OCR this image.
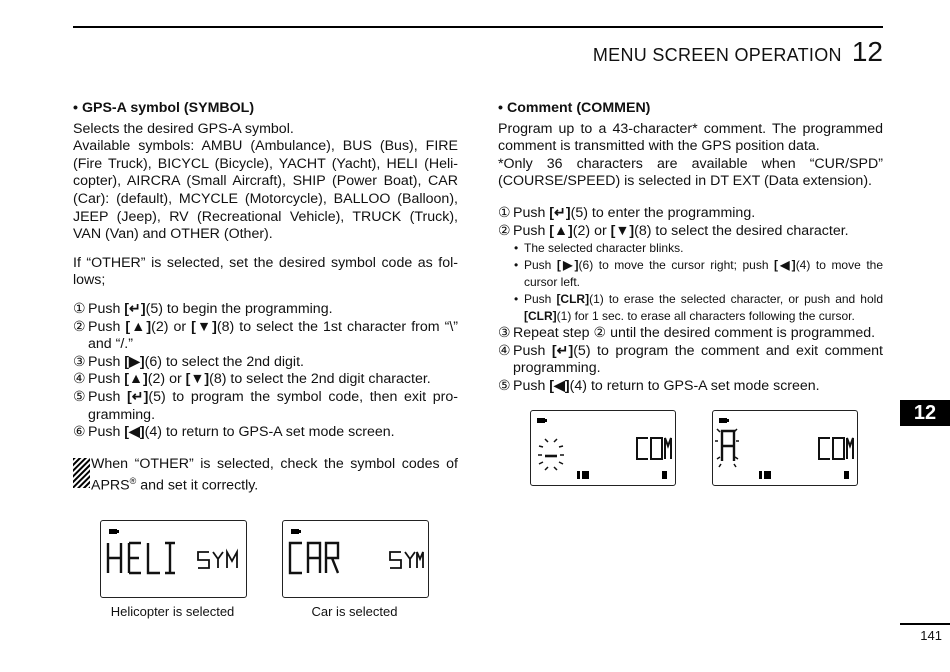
MENU SCREEN OPERATION 12
• GPS-A symbol (SYMBOL)

Selects the desired GPS-A symbol.

Available symbols: AMBU (Ambulance), BUS (Bus), FIRE (Fire Truck), BICYCL (Bicycle), YACHT (Yacht), HELI (Heli-copter), AIRCRA (Small Aircraft), SHIP (Power Boat), CAR (Car): (default), MCYCLE (Motorcycle), BALLOO (Balloon), JEEP (Jeep), RV (Recreational Vehicle), TRUCK (Truck), VAN (Van) and OTHER (Other).

If “OTHER” is selected, set the desired symbol code as fol-lows;

① Push [↵](5) to begin the programming.
② Push [▲](2) or [▼](8) to select the 1st character from “\” and “/.”
③ Push [▶](6) to select the 2nd digit.
④ Push [▲](2) or [▼](8) to select the 2nd digit character.
⑤ Push [↵](5) to program the symbol code, then exit pro-gramming.
⑥ Push [◀](4) to return to GPS-A set mode screen.
When “OTHER” is selected, check the symbol codes of APRS® and set it correctly.
Helicopter is selected	Car is selected
• Comment (COMMEN)

Program up to a 43-character* comment. The programmed comment is transmitted with the GPS position data.

*Only 36 characters are available when “CUR/SPD” (COURSE/SPEED) is selected in DT EXT (Data extension).

① Push [↵](5) to enter the programming.
② Push [▲](2) or [▼](8) to select the desired character.
• The selected character blinks.
• Push [▶](6) to move the cursor right; push [◀](4) to move the cursor left.
• Push [CLR](1) to erase the selected character, or push and hold [CLR](1) for 1 sec. to erase all characters following the cursor.
③ Repeat step ② until the desired comment is programmed.
④ Push [↵](5) to program the comment and exit comment programming.
⑤ Push [◀](4) to return to GPS-A set mode screen.
12
141
